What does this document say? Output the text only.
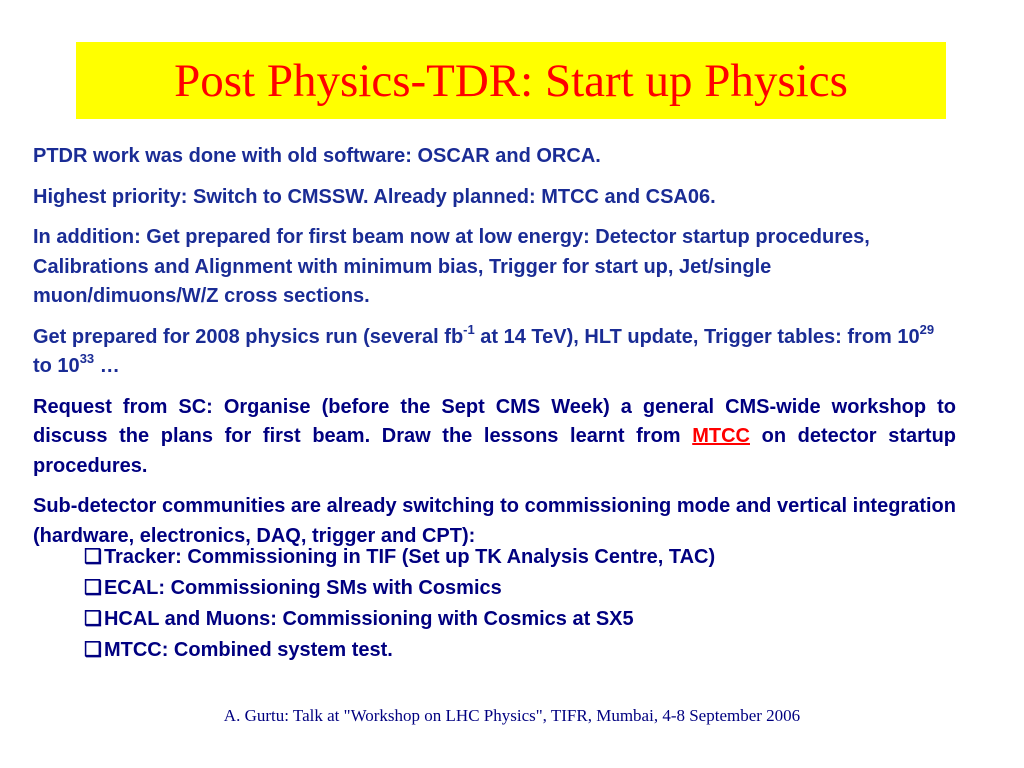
Post Physics-TDR: Start up Physics

PTDR work was done with old software: OSCAR and ORCA.

Highest priority: Switch to CMSSW. Already planned: MTCC and CSA06.

In addition: Get prepared for first beam now at low energy: Detector startup procedures, Calibrations and Alignment with minimum bias, Trigger for start up, Jet/single muon/dimuons/W/Z cross sections.

Get prepared for 2008 physics run (several $fb^{-1}$ at 14 TeV), HLT update, Trigger tables: from $10^{29}$ to $10^{33}$ …

Request from SC: Organise (before the Sept CMS Week) a general CMS-wide workshop to discuss the plans for first beam. Draw the lessons learnt from MTCC on detector startup procedures.

Sub-detector communities are already switching to commissioning mode and vertical integration (hardware, electronics, DAQ, trigger and CPT):

❑ Tracker: Commissioning in TIF (Set up TK Analysis Centre, TAC)
❑ ECAL: Commissioning SMs with Cosmics
❑ HCAL and Muons: Commissioning with Cosmics at SX5
❑ MTCC: Combined system test.
A. Gurtu: Talk at "Workshop on LHC Physics", TIFR, Mumbai, 4-8 September 2006
